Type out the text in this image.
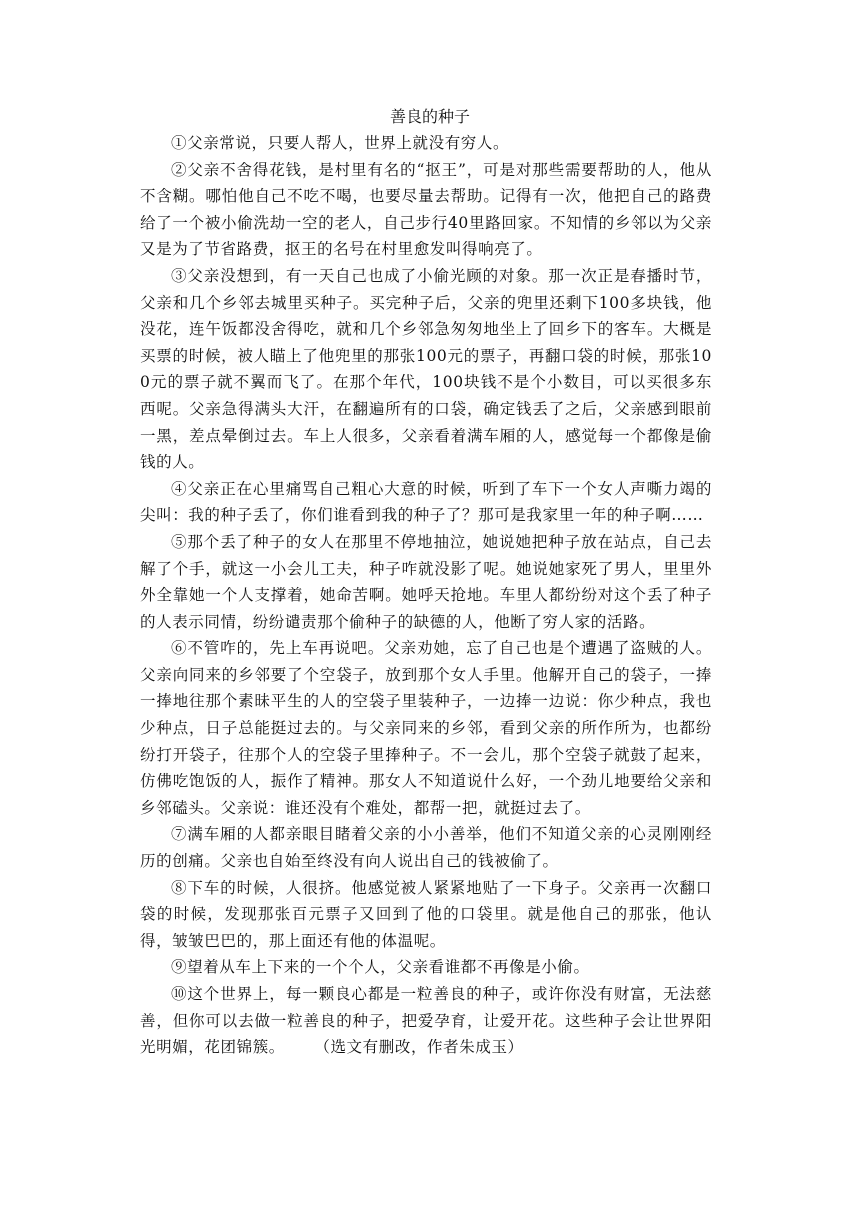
善良的种子

①父亲常说，只要人帮人，世界上就没有穷人。

②父亲不舍得花钱，是村里有名的“抠王”，可是对那些需要帮助的人，他从不含糊。哪怕他自己不吃不喝，也要尽量去帮助。记得有一次，他把自己的路费给了一个被小偷洗劫一空的老人，自己步行40里路回家。不知情的乡邻以为父亲又是为了节省路费，抠王的名号在村里愈发叫得响亮了。

③父亲没想到，有一天自己也成了小偷光顾的对象。那一次正是春播时节，父亲和几个乡邻去城里买种子。买完种子后，父亲的兜里还剩下100多块钱，他没花，连午饭都没舍得吃，就和几个乡邻急匆匆地坐上了回乡下的客车。大概是买票的时候，被人瞄上了他兜里的那张100元的票子，再翻口袋的时候，那张100元的票子就不翼而飞了。在那个年代，100块钱不是个小数目，可以买很多东西呢。父亲急得满头大汗，在翻遍所有的口袋，确定钱丢了之后，父亲感到眼前一黑，差点晕倒过去。车上人很多，父亲看着满车厢的人，感觉每一个都像是偷钱的人。

④父亲正在心里痛骂自己粗心大意的时候，听到了车下一个女人声嘶力竭的尖叫：我的种子丢了，你们谁看到我的种子了？那可是我家里一年的种子啊……

⑤那个丢了种子的女人在那里不停地抽泣，她说她把种子放在站点，自己去解了个手，就这一小会儿工夫，种子咋就没影了呢。她说她家死了男人，里里外外全靠她一个人支撑着，她命苦啊。她呼天抢地。车里人都纷纷对这个丢了种子的人表示同情，纷纷谴责那个偷种子的缺德的人，他断了穷人家的活路。

⑥不管咋的，先上车再说吧。父亲劝她，忘了自己也是个遭遇了盗贼的人。 父亲向同来的乡邻要了个空袋子，放到那个女人手里。他解开自己的袋子，一捧一捧地往那个素昧平生的人的空袋子里装种子，一边捧一边说：你少种点，我也少种点，日子总能挺过去的。与父亲同来的乡邻，看到父亲的所作所为，也都纷纷打开袋子，往那个人的空袋子里捧种子。不一会儿，那个空袋子就鼓了起来，仿佛吃饱饭的人，振作了精神。那女人不知道说什么好，一个劲儿地要给父亲和乡邻磕头。父亲说：谁还没有个难处，都帮一把，就挺过去了。

⑦满车厢的人都亲眼目睹着父亲的小小善举，他们不知道父亲的心灵刚刚经历的创痛。父亲也自始至终没有向人说出自己的钱被偷了。

⑧下车的时候，人很挤。他感觉被人紧紧地贴了一下身子。父亲再一次翻口袋的时候，发现那张百元票子又回到了他的口袋里。就是他自己的那张，他认得，皱皱巴巴的，那上面还有他的体温呢。

⑨望着从车上下来的一个个人，父亲看谁都不再像是小偷。

⑩这个世界上，每一颗良心都是一粒善良的种子，或许你没有财富，无法慈善，但你可以去做一粒善良的种子，把爱孕育，让爱开花。这些种子会让世界阳光明媚，花团锦簇。 （选文有删改，作者朱成玉）
